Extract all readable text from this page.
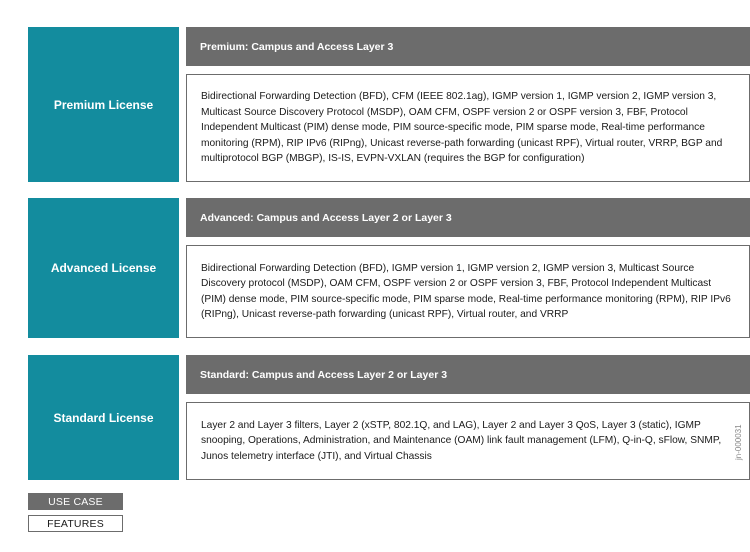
Premium License
Premium: Campus and Access Layer 3
Bidirectional Forwarding Detection (BFD), CFM (IEEE 802.1ag), IGMP version 1, IGMP version 2, IGMP version 3, Multicast Source Discovery Protocol (MSDP), OAM CFM, OSPF version 2 or OSPF version 3, FBF, Protocol Independent Multicast (PIM) dense mode, PIM source-specific mode, PIM sparse mode, Real-time performance monitoring (RPM), RIP IPv6 (RIPng), Unicast reverse-path forwarding (unicast RPF), Virtual router, VRRP, BGP and multiprotocol BGP (MBGP), IS-IS, EVPN-VXLAN (requires the BGP for configuration)
Advanced License
Advanced: Campus and Access Layer 2 or Layer 3
Bidirectional Forwarding Detection (BFD), IGMP version 1, IGMP version 2, IGMP version 3, Multicast Source Discovery protocol (MSDP), OAM CFM, OSPF version 2 or OSPF version 3, FBF, Protocol Independent Multicast (PIM) dense mode, PIM source-specific mode, PIM sparse mode, Real-time performance monitoring (RPM), RIP IPv6 (RIPng), Unicast reverse-path forwarding (unicast RPF), Virtual router, and VRRP
Standard License
Standard: Campus and Access Layer 2 or Layer 3
Layer 2 and Layer 3 filters, Layer 2 (xSTP, 802.1Q, and LAG), Layer 2 and Layer 3 QoS, Layer 3 (static), IGMP snooping, Operations, Administration, and Maintenance (OAM) link fault management (LFM), Q-in-Q, sFlow, SNMP, Junos telemetry interface (JTI), and Virtual Chassis
USE CASE
FEATURES
jn-000031
